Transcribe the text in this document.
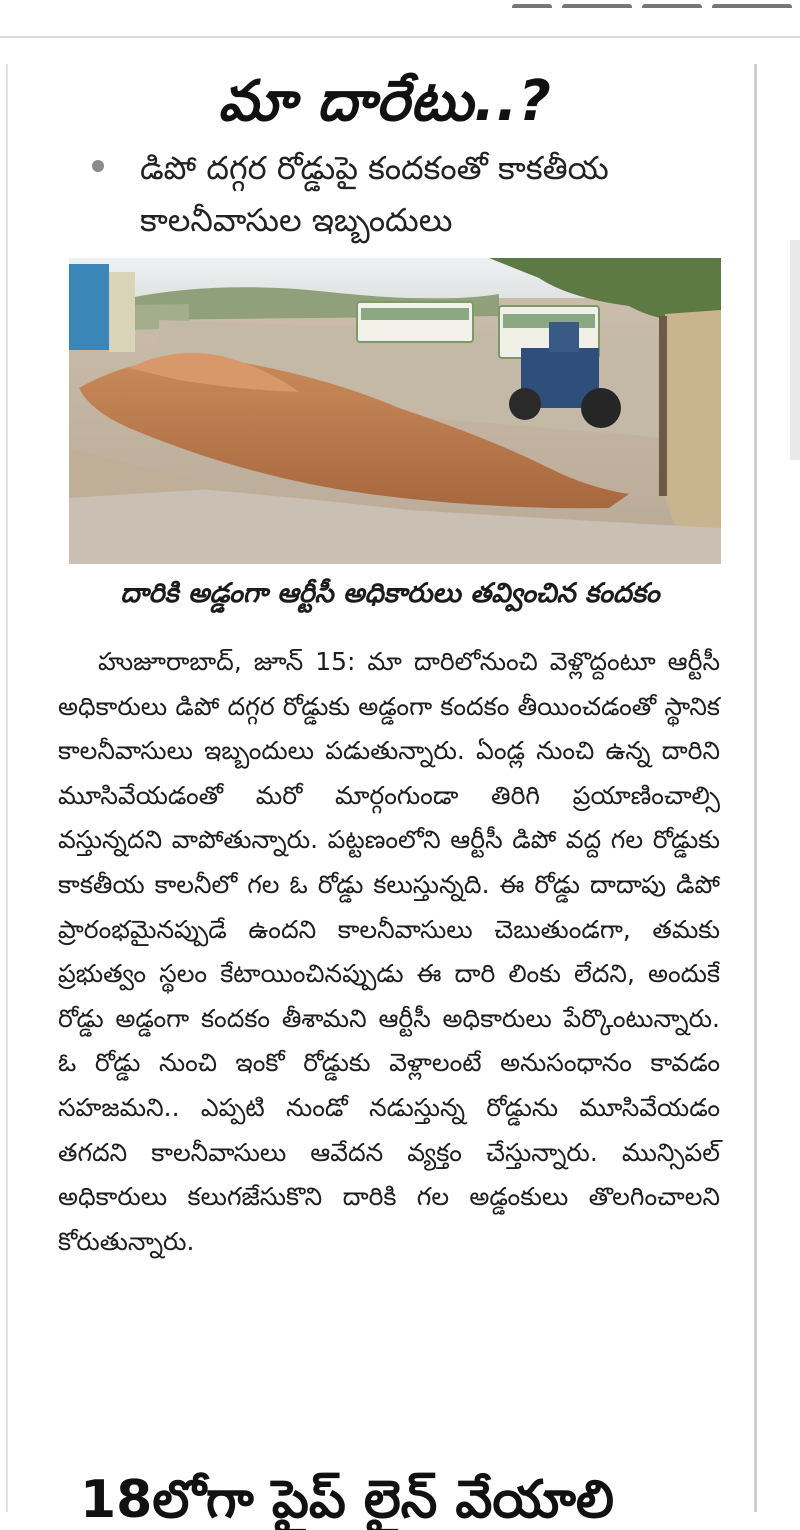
మా దారేటు..?
డిపో దగ్గర రోడ్డుపై కందకంతో కాకతీయ కాలనీవాసుల ఇబ్బందులు
దారికి అడ్డంగా ఆర్టీసీ అధికారులు తవ్వించిన కందకం

హుజూరాబాద్, జూన్ 15: మా దారిలోనుంచి వెళ్లొద్దంటూ ఆర్టీసీ అధికారులు డిపో దగ్గర రోడ్డుకు అడ్డంగా కందకం తీయించడంతో స్థానిక కాలనీవాసులు ఇబ్బందులు పడుతున్నారు. ఏండ్ల నుంచి ఉన్న దారిని మూసివేయడంతో మరో మార్గంగుండా తిరిగి ప్రయాణించాల్సి వస్తున్నదని వాపోతున్నారు. పట్టణంలోని ఆర్టీసీ డిపో వద్ద గల రోడ్డుకు కాకతీయ కాలనీలో గల ఓ రోడ్డు కలుస్తున్నది. ఈ రోడ్డు దాదాపు డిపో ప్రారంభమైనప్పుడే ఉందని కాలనీవాసులు చెబుతుండగా, తమకు ప్రభుత్వం స్థలం కేటాయించినప్పుడు ఈ దారి లింకు లేదని, అందుకే రోడ్డు అడ్డంగా కందకం తీశామని ఆర్టీసీ అధికారులు పేర్కొంటున్నారు. ఓ రోడ్డు నుంచి ఇంకో రోడ్డుకు వెళ్లాలంటే అనుసంధానం కావడం సహజమని.. ఎప్పటి నుండో నడుస్తున్న రోడ్డును మూసివేయడం తగదని కాలనీవాసులు ఆవేదన వ్యక్తం చేస్తున్నారు. మున్సిపల్ అధికారులు కలుగజేసుకొని దారికి గల అడ్డంకులు తొలగించాలని కోరుతున్నారు.

18లోగా పైప్ లైన్ వేయాలి
